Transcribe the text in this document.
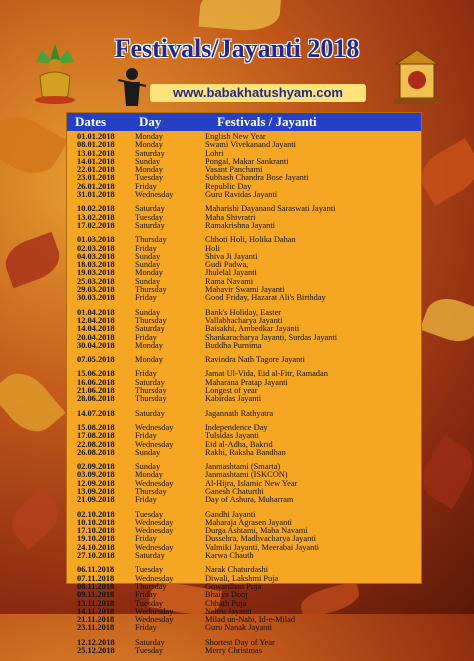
Festivals/Jayanti 2018
www.babakhatushyam.com
Dates	Day	Festivals / Jayanti
01.01.2018 Monday	English New Year
08.01.2018 Monday	Swami Vivekanand Jayanti
13.01.2018 Saturday	Lohri
14.01.2018 Sunday	Pongal, Makar Sankranti
22.01.2018 Monday	Vasant Panchami
23.01.2018 Tuesday	Subhash Chandra Bose Jayanti
26.01.2018 Friday	Republic Day
31.01.2018 Wednesday	Guru Ravidas Jayanti
10.02.2018 Saturday	Maharishi Dayanand Saraswati Jayanti
13.02.2018 Tuesday	Maha Shivratri
17.02.2018 Saturday	Ramakrishna Jayanti
01.03.2018 Thursday	Chhoti Holi, Holika Dahan
02.03.2018 Friday	Holi
04.03.2018 Sunday	Shiva Ji Jayanti
18.03.2018 Sunday	Gudi Padwa,
19.03.2018 Monday	Jhulelal Jayanti
25.03.2018 Sunday	Rama Navami
29.03.2018 Thursday	Mahavir Swami Jayanti
30.03.2018 Friday	Good Friday, Hazarat Ali's Birthday
01.04.2018 Sunday	Bank's Holiday, Easter
12.04.2018 Thursday	Vallabhacharya Jayanti
14.04.2018 Saturday	Baisakhi, Ambedkar Jayanti
20.04.2018 Friday	Shankaracharya Jayanti, Surdas Jayanti
30.04.2018 Monday	Buddha Purnima
07.05.2018 Monday	Ravindra Nath Tagore Jayanti
15.06.2018 Friday	Jamat Ul-Vida, Eid al-Fitr, Ramadan
16.06.2018 Saturday	Maharana Pratap Jayanti
21.06.2018 Thursday	Longest of year
28.06.2018 Thursday	Kabirdas Jayanti
14.07.2018 Saturday	Jagannath Rathyatra
15.08.2018 Wednesday	Independence Day
17.08.2018 Friday	Tulsidas Jayanti
22.08.2018 Wednesday	Eid al-Adha, Bakrid
26.08.2018 Sunday	Rakhi, Raksha Bandhan
02.09.2018 Sunday	Janmashtami (Smarta)
03.09.2018 Monday	Janmashtami (ISKCON)
12.09.2018 Wednesday	Al-Hijra, Islamic New Year
13.09.2018 Thursday	Ganesh Chaturthi
21.09.2018 Friday	Day of Ashura, Muharram
02.10.2018 Tuesday	Gandhi Jayanti
10.10.2018 Wednesday	Maharaja Agrasen Jayanti
17.10.2018 Wednesday	Durga Ashtami, Maha Navami
19.10.2018 Friday	Dussehra, Madhvacharya Jayanti
24.10.2018 Wednesday	Valmiki Jayanti, Meerabai Jayanti
27.10.2018 Saturday	Karwa Chauth
06.11.2018 Tuesday	Narak Chaturdashi
07.11.2018 Wednesday	Diwali, Lakshmi Puja
08.11.2018 Thursday	Gowardhan Puja
09.11.2018 Friday	Bhaiya Dooj
13.11.2018 Tuesday	Chhath Puja
14.11.2018 Wednesday	Nehru Jayanti
21.11.2018 Wednesday	Milad un-Nabi, Id-e-Milad
23.11.2018 Friday	Guru Nanak Jayanti
12.12.2018 Saturday	Shortest Day of Year
25.12.2018 Tuesday	Merry Christmas
